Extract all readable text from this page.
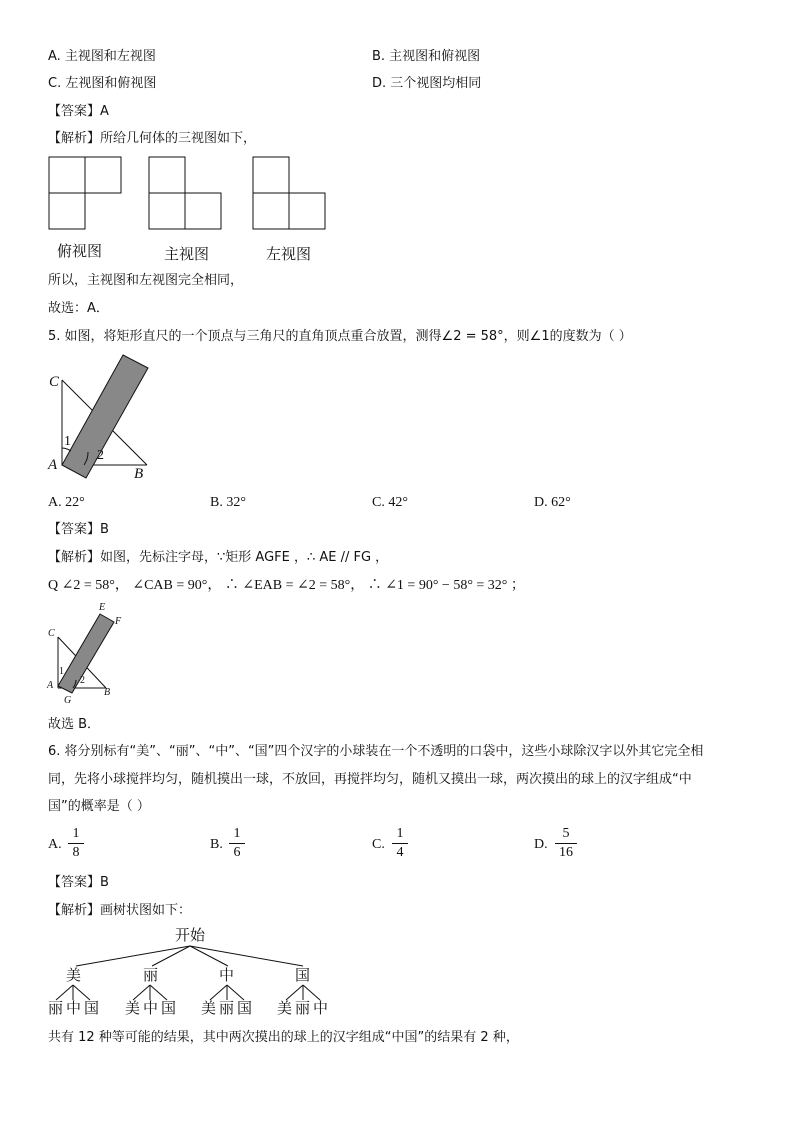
A. 主视图和左视图	B. 主视图和俯视图
C. 左视图和俯视图	D. 三个视图均相同
【答案】A
【解析】所给几何体的三视图如下，
俯视图	主视图	左视图
所以，主视图和左视图完全相同，
故选：A．
5. 如图，将矩形直尺的一个顶点与三角尺的直角顶点重合放置，测得∠2 = 58°，则∠1的度数为（ ）
C
A
B
1
2
A. 22°	B. 32°	C. 42°	D. 62°
【答案】B
【解析】如图，先标注字母，∵矩形 AGFE ，∴ AE // FG ，
Q ∠2 = 58°， ∠CAB = 90°， ∴ ∠EAB = ∠2 = 58°， ∴ ∠1 = 90° − 58° = 32° ；
E
F
C
A
G
B
1
2
故选 B．
6. 将分别标有“美”、“丽”、“中”、“国”四个汉字的小球装在一个不透明的口袋中，这些小球除汉字以外其它完全相
同，先将小球搅拌均匀，随机摸出一球，不放回，再搅拌均匀，随机又摸出一球，两次摸出的球上的汉字组成“中
国”的概率是（ ）
A.
1
8
B.
1
6
C.
1
4
D.
5
16
【答案】B
【解析】画树状图如下：
开始
美	丽	中	国
丽 中 国 美 中 国 美 丽 国 美 丽 中
共有 12 种等可能的结果，其中两次摸出的球上的汉字组成“中国”的结果有 2 种，
